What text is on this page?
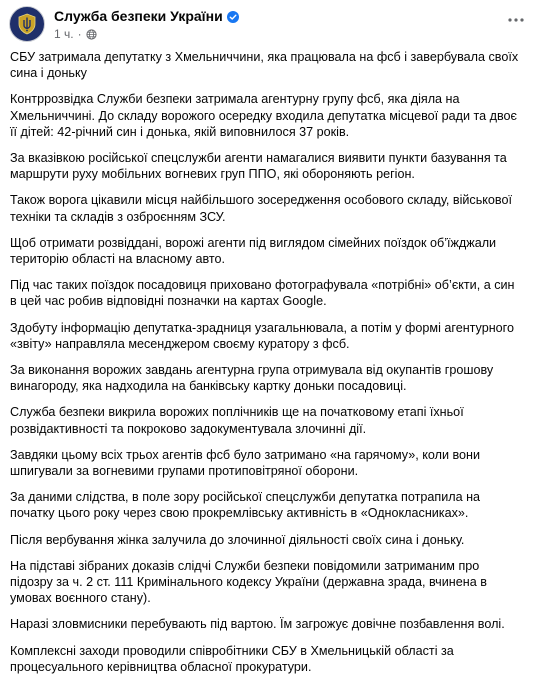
Служба безпеки України
1 ч. ·

СБУ затримала депутатку з Хмельниччини, яка працювала на фсб і завербувала своїх сина і доньку

Контррозвідка Служби безпеки затримала агентурну групу фсб, яка діяла на Хмельниччині. До складу ворожого осередку входила депутатка місцевої ради та двоє її дітей: 42-річний син і донька, якій виповнилося 37 років.

За вказівкою російської спецслужби агенти намагалися виявити пункти базування та маршрути руху мобільних вогневих груп ППО, які обороняють регіон.

Також ворога цікавили місця найбільшого зосередження особового складу, військової техніки та складів з озброєнням ЗСУ.

Щоб отримати розвіддані, ворожі агенти під виглядом сімейних поїздок об’їжджали територію області на власному авто.

Під час таких поїздок посадовиця приховано фотографувала «потрібні» об’єкти, а син в цей час робив відповідні позначки на картах Google.

Здобуту інформацію депутатка-зрадниця узагальнювала, а потім у формі агентурного «звіту» направляла месенджером своєму куратору з фсб.

За виконання ворожих завдань агентурна група отримувала від окупантів грошову винагороду, яка надходила на банківську картку доньки посадовиці.

Служба безпеки викрила ворожих поплічників ще на початковому етапі їхньої розвідактивності та покроково задокументувала злочинні дії.

Завдяки цьому всіх трьох агентів фсб було затримано «на гарячому», коли вони шпигували за вогневими групами протиповітряної оборони.

За даними слідства, в поле зору російської спецслужби депутатка потрапила на початку цього року через свою прокремлівську активність в «Однокласниках».

Після вербування жінка залучила до злочинної діяльності своїх сина і доньку.

На підставі зібраних доказів слідчі Служби безпеки повідомили затриманим про підозру за ч. 2 ст. 111 Кримінального кодексу України (державна зрада, вчинена в умовах воєнного стану).

Наразі зловмисники перебувають під вартою. Їм загрожує довічне позбавлення волі.

Комплексні заходи проводили співробітники СБУ в Хмельницькій області за процесуального керівництва обласної прокуратури.
